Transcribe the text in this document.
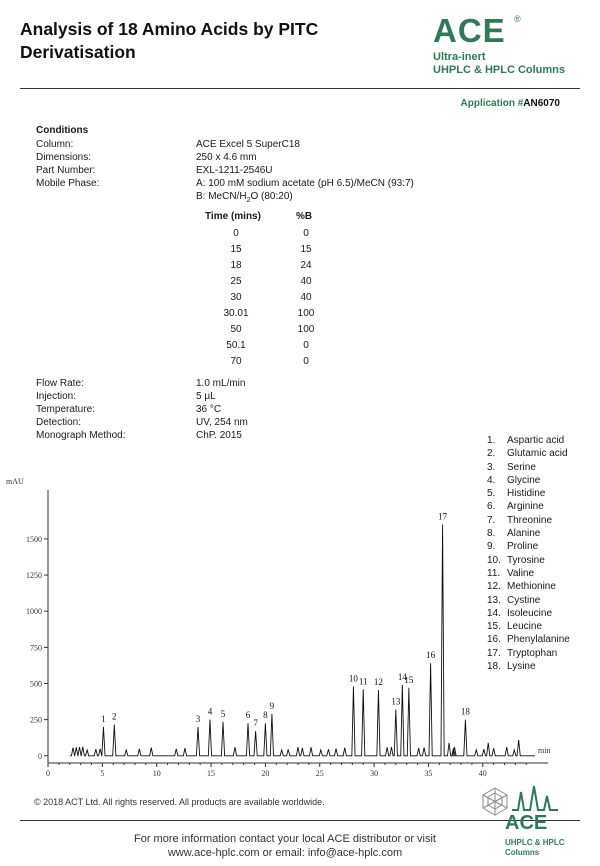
Analysis of 18 Amino Acids by PITC
Derivatisation
ACE ®
Ultra-inert
UHPLC & HPLC Columns
Application #AN6070
Conditions
Column:	ACE Excel 5 SuperC18
Dimensions:	250 x 4.6 mm
Part Number:	EXL-1211-2546U
Mobile Phase:	A: 100 mM sodium acetate (pH 6.5)/MeCN (93:7)
B: MeCN/$H_2O$ (80:20)
Time (mins)	%B
0	0
15	15
18	24
25	40
30	40
30.01	100
50	100
50.1	0
70	0
Flow Rate:	1.0 mL/min
Injection:	5 μL
Temperature:	36 °C
Detection:	UV, 254 nm
Monograph Method:	ChP. 2015	1. Aspartic acid
2. Glutamic acid
3. Serine
4. Glycine
5. Histidine
6. Arginine
7. Threonine
8. Alanine
9. Proline
10. Tyrosine
11. Valine
12. Methionine
13. Cystine
14. Isoleucine
15. Leucine
16. Phenylalanine
17. Tryptophan
18. Lysine
0
250
500
750
1000
1250
1500
0	5	10	15	20	25	30	35	40
mAU
min
1 2	3
4 5 6
7
8
9
10 11 12
13
14
15
16
17
18
© 2018 ACT Ltd. All rights reserved. All products are available worldwide.
For more information contact your local ACE distributor or visit
www.ace-hplc.com or email: info@ace-hplc.com
ACE
UHPLC & HPLC
Columns
